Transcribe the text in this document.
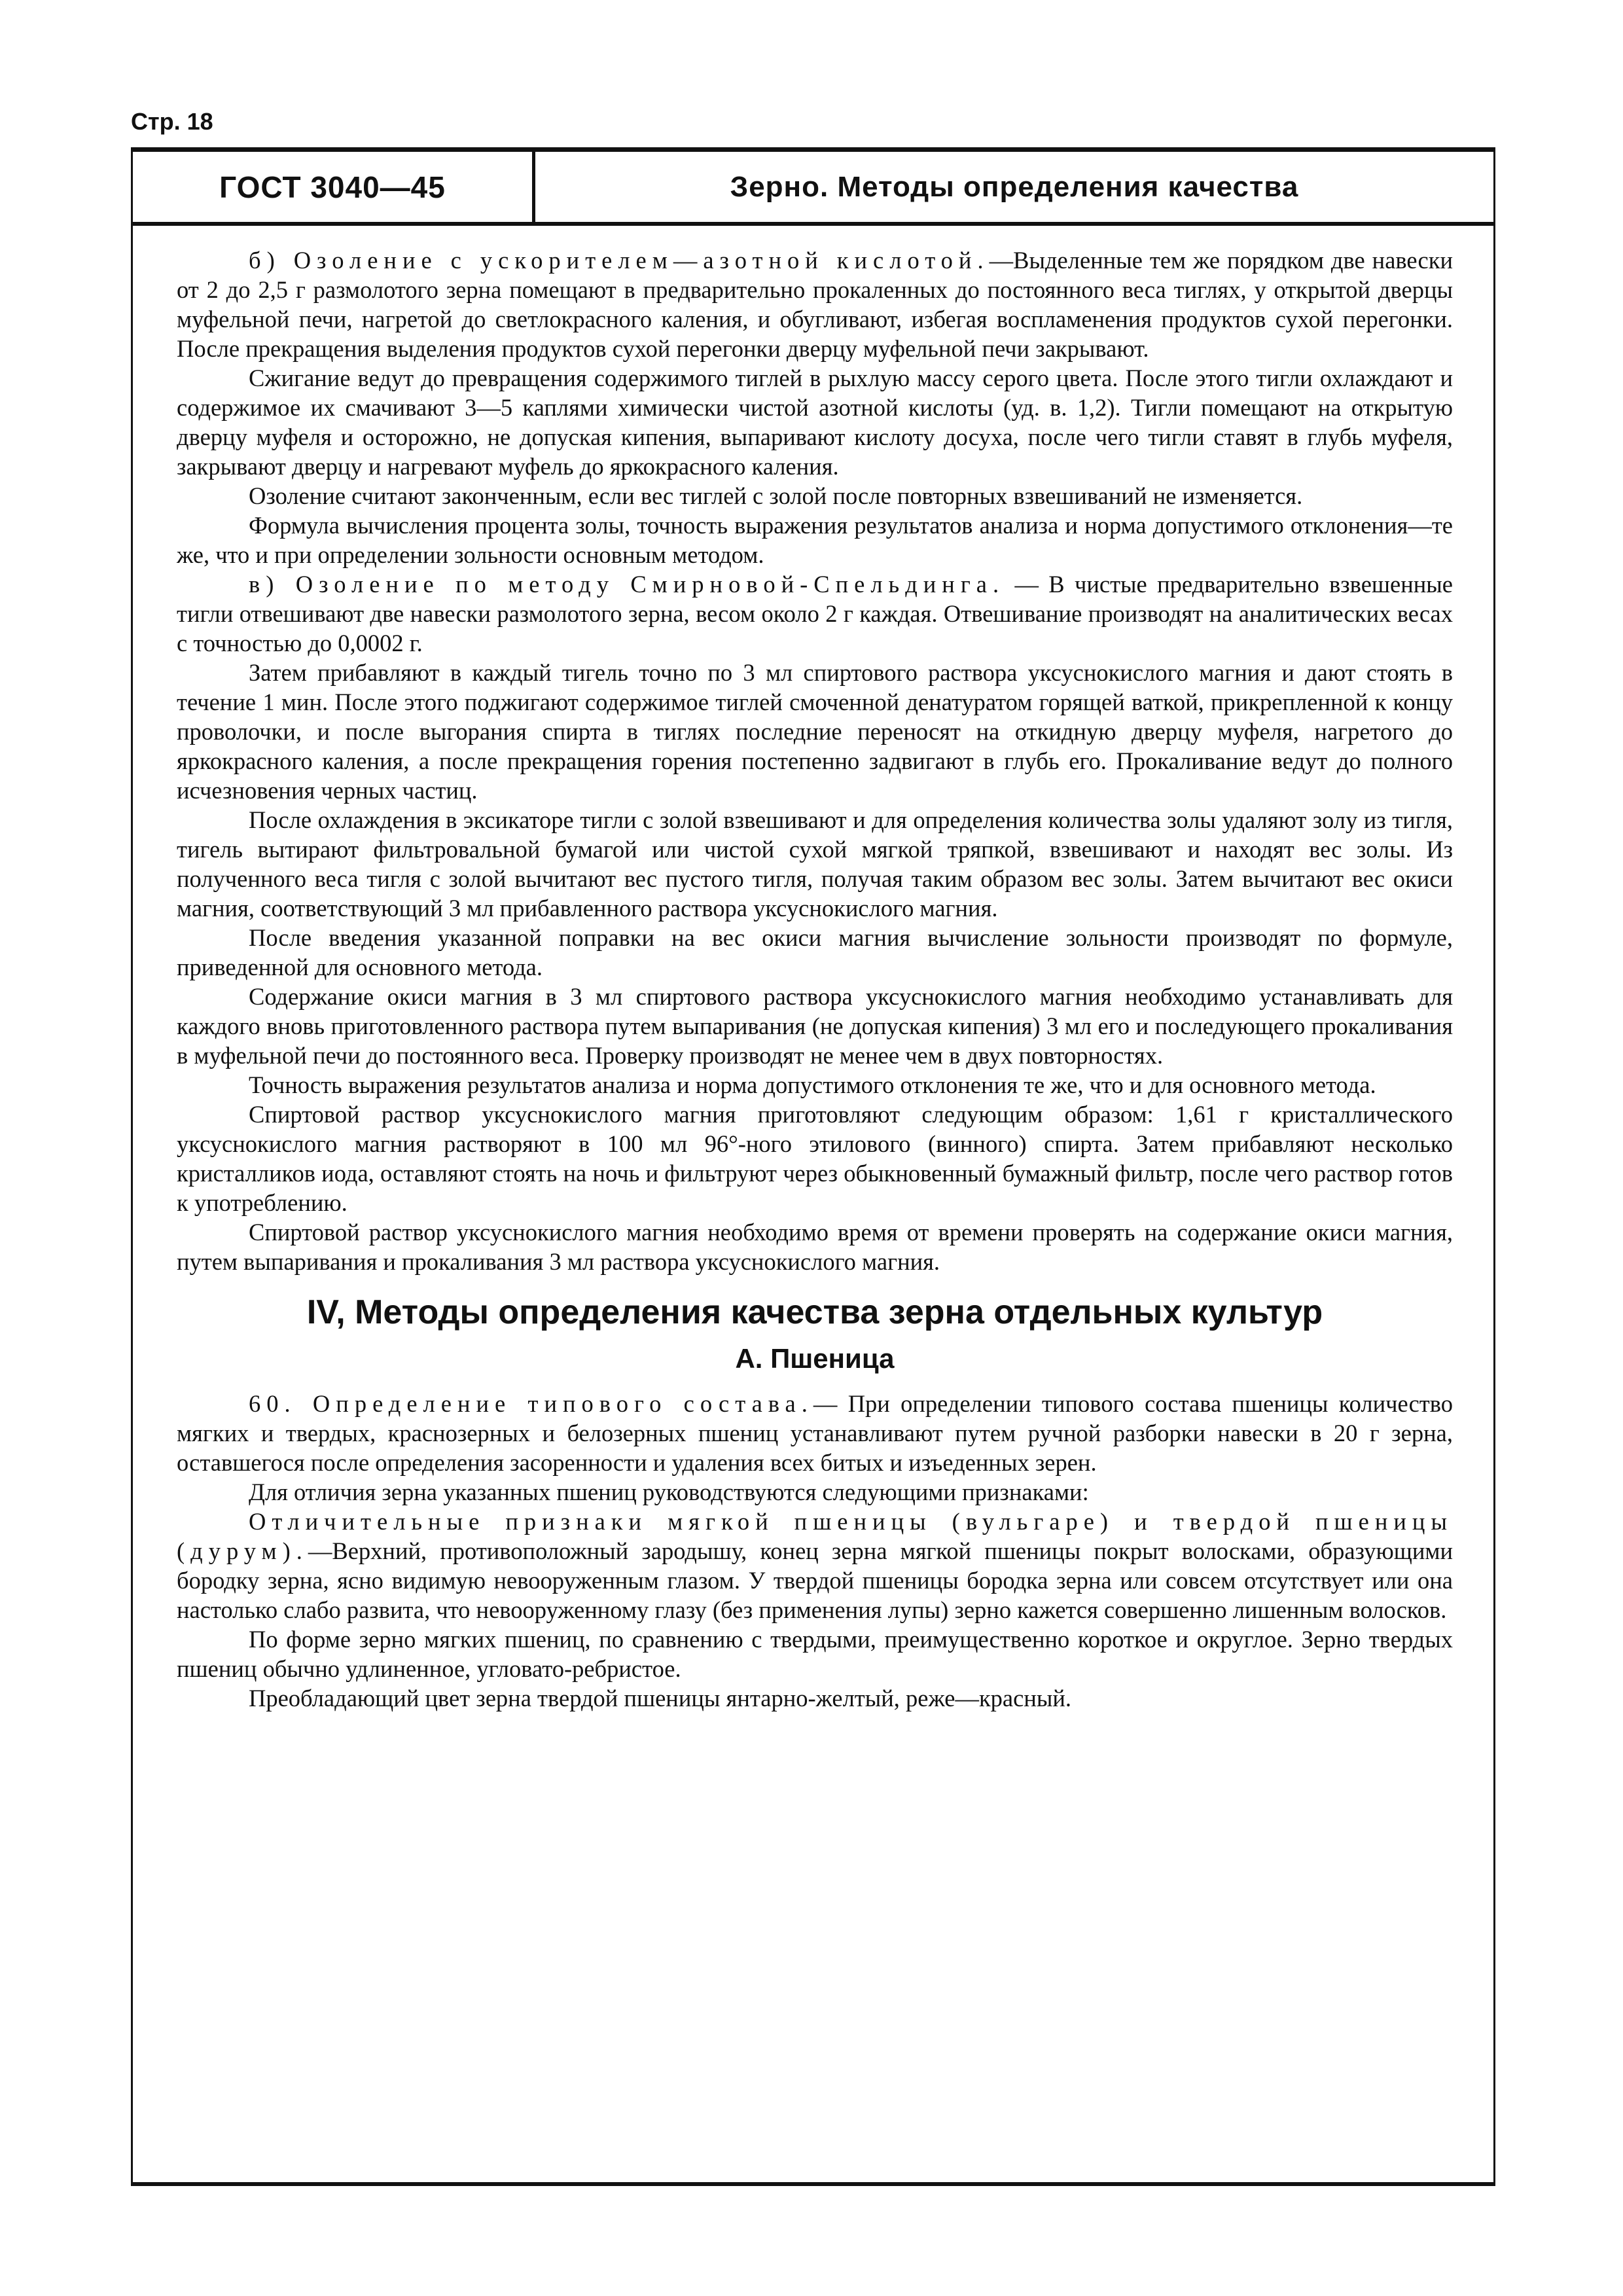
Стр. 18
ГОСТ 3040—45	Зерно. Методы определения качества

б) Озоление с ускорителем—азотной кислотой.—Выделенные тем же порядком две навески от 2 до 2,5 г размолотого зерна помещают в предварительно прокаленных до постоянного веса тиглях, у открытой дверцы муфельной печи, нагретой до светлокрасного каления, и обугливают, избегая воспламенения продуктов сухой перегонки. После прекращения выделения продуктов сухой перегонки дверцу муфельной печи закрывают.

Сжигание ведут до превращения содержимого тиглей в рыхлую массу серого цвета. После этого тигли охлаждают и содержимое их смачивают 3—5 каплями химически чистой азотной кислоты (уд. в. 1,2). Тигли помещают на открытую дверцу муфеля и осторожно, не допуская кипения, выпаривают кислоту досуха, после чего тигли ставят в глубь муфеля, закрывают дверцу и нагревают муфель до яркокрасного каления.

Озоление считают законченным, если вес тиглей с золой после повторных взвешиваний не изменяется.

Формула вычисления процента золы, точность выражения результатов анализа и норма допустимого отклонения—те же, что и при определении зольности основным методом.

в) Озоление по методу Смирновой-Спельдинга. — В чистые предварительно взвешенные тигли отвешивают две навески размолотого зерна, весом около 2 г каждая. Отвешивание производят на аналитических весах с точностью до 0,0002 г.

Затем прибавляют в каждый тигель точно по 3 мл спиртового раствора уксуснокислого магния и дают стоять в течение 1 мин. После этого поджигают содержимое тиглей смоченной денатуратом горящей ваткой, прикрепленной к концу проволочки, и после выгорания спирта в тиглях последние переносят на откидную дверцу муфеля, нагретого до яркокрасного каления, а после прекращения горения постепенно задвигают в глубь его. Прокаливание ведут до полного исчезновения черных частиц.

После охлаждения в эксикаторе тигли с золой взвешивают и для определения количества золы удаляют золу из тигля, тигель вытирают фильтровальной бумагой или чистой сухой мягкой тряпкой, взвешивают и находят вес золы. Из полученного веса тигля с золой вычитают вес пустого тигля, получая таким образом вес золы. Затем вычитают вес окиси магния, соответствующий 3 мл прибавленного раствора уксуснокислого магния.

После введения указанной поправки на вес окиси магния вычисление зольности производят по формуле, приведенной для основного метода.

Содержание окиси магния в 3 мл спиртового раствора уксуснокислого магния необходимо устанавливать для каждого вновь приготовленного раствора путем выпаривания (не допуская кипения) 3 мл его и последующего прокаливания в муфельной печи до постоянного веса. Проверку производят не менее чем в двух повторностях.

Точность выражения результатов анализа и норма допустимого отклонения те же, что и для основного метода.

Спиртовой раствор уксуснокислого магния приготовляют следующим образом: 1,61 г кристаллического уксуснокислого магния растворяют в 100 мл 96°-ного этилового (винного) спирта. Затем прибавляют несколько кристалликов иода, оставляют стоять на ночь и фильтруют через обыкновенный бумажный фильтр, после чего раствор готов к употреблению.

Спиртовой раствор уксуснокислого магния необходимо время от времени проверять на содержание окиси магния, путем выпаривания и прокаливания 3 мл раствора уксуснокислого магния.

IV, Методы определения качества зерна отдельных культур

А. Пшеница

60. Определение типового состава.— При определении типового состава пшеницы количество мягких и твердых, краснозерных и белозерных пшениц устанавливают путем ручной разборки навески в 20 г зерна, оставшегося после определения засоренности и удаления всех битых и изъеденных зерен.

Для отличия зерна указанных пшениц руководствуются следующими признаками:

Отличительные признаки мягкой пшеницы (вульгаре) и твердой пшеницы (дурум).—Верхний, противоположный зародышу, конец зерна мягкой пшеницы покрыт волосками, образующими бородку зерна, ясно видимую невооруженным глазом. У твердой пшеницы бородка зерна или совсем отсутствует или она настолько слабо развита, что невооруженному глазу (без применения лупы) зерно кажется совершенно лишенным волосков.

По форме зерно мягких пшениц, по сравнению с твердыми, преимущественно короткое и округлое. Зерно твердых пшениц обычно удлиненное, угловато-ребристое.

Преобладающий цвет зерна твердой пшеницы янтарно-желтый, реже—красный.
